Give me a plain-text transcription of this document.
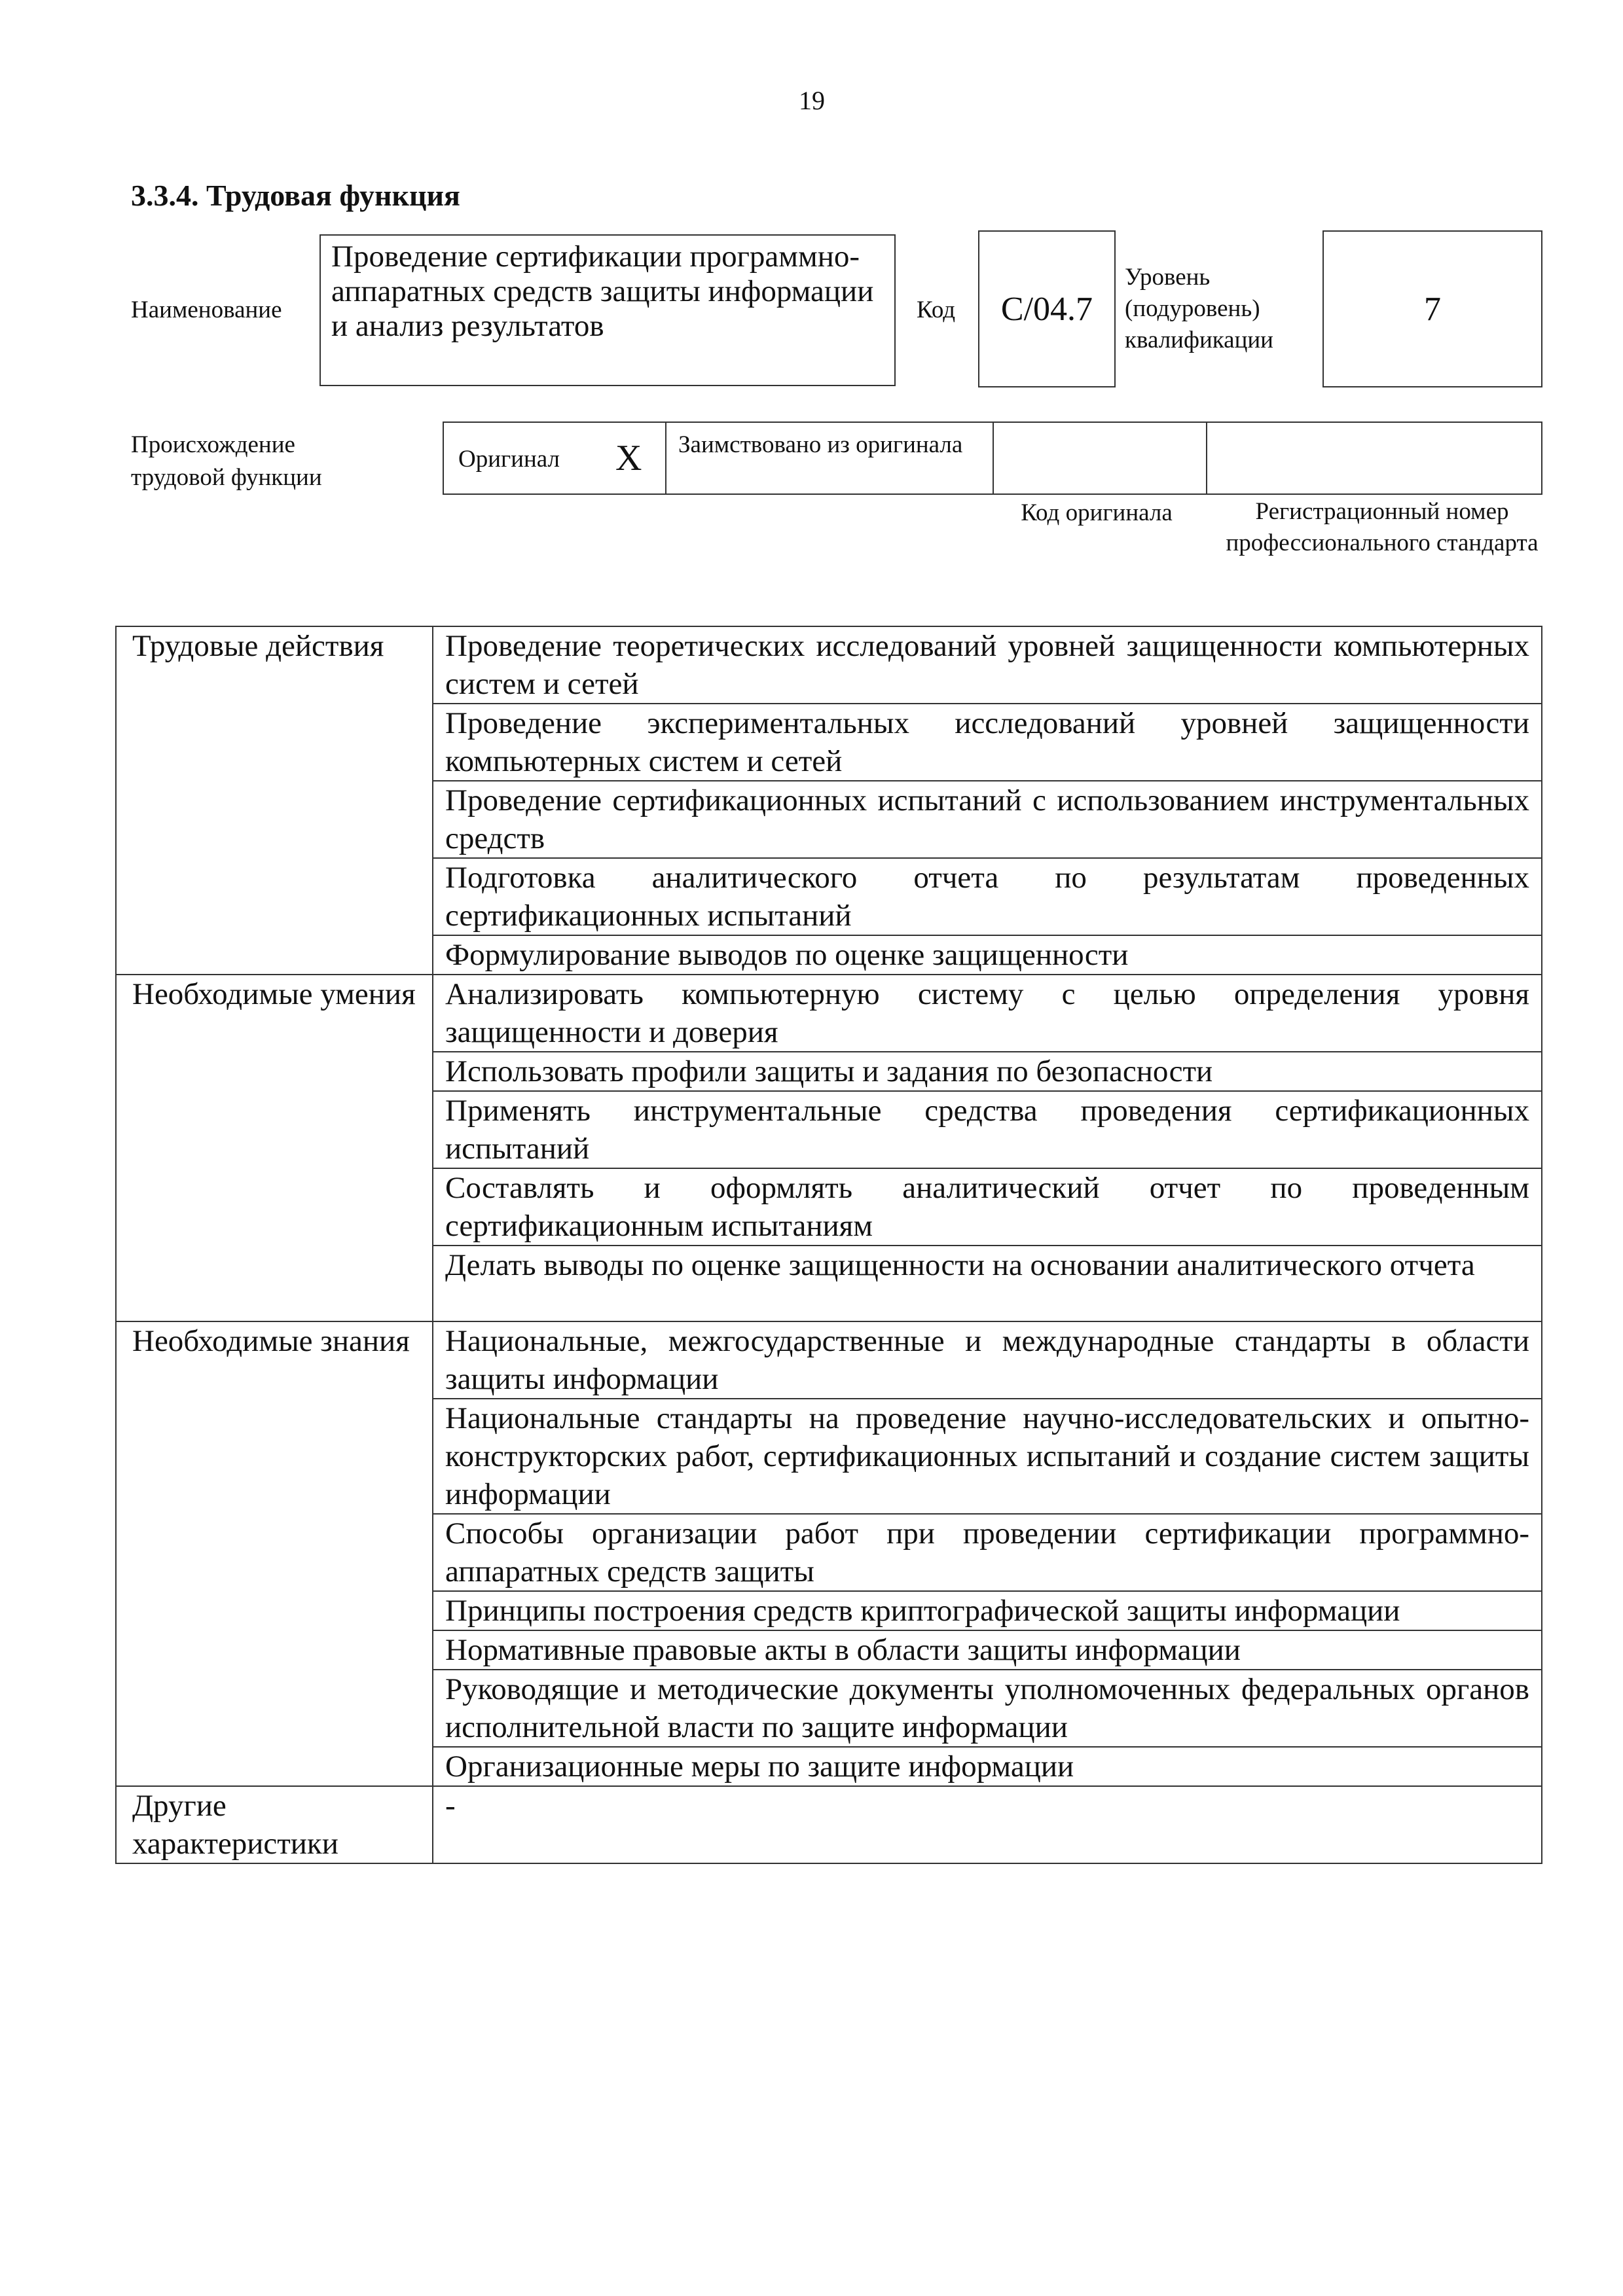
19
3.3.4. Трудовая функция
Наименование
Проведение сертификации программно-аппаратных средств защиты информации и анализ результатов	Код	C/04.7
Уровень (подуровень) квалификации
7
Происхождение трудовой функции
Оригинал X	Заимствовано из оригинала
Код оригинала	Регистрационный номер профессионального стандарта
Трудовые действия	Проведение теоретических исследований уровней защищенности компьютерных систем и сетей
	Проведение экспериментальных исследований уровней защищенности компьютерных систем и сетей
	Проведение сертификационных испытаний с использованием инструментальных средств
	Подготовка аналитического отчета по результатам проведенных сертификационных испытаний
	Формулирование выводов по оценке защищенности
Необходимые умения	Анализировать компьютерную систему с целью определения уровня защищенности и доверия
	Использовать профили защиты и задания по безопасности
	Применять инструментальные средства проведения сертификационных испытаний
	Составлять и оформлять аналитический отчет по проведенным сертификационным испытаниям
	Делать выводы по оценке защищенности на основании аналитического отчета
Необходимые знания	Национальные, межгосударственные и международные стандарты в области защиты информации
	Национальные стандарты на проведение научно-исследовательских и опытно-конструкторских работ, сертификационных испытаний и создание систем защиты информации
	Способы организации работ при проведении сертификации программно-аппаратных средств защиты
	Принципы построения средств криптографической защиты информации
	Нормативные правовые акты в области защиты информации
	Руководящие и методические документы уполномоченных федеральных органов исполнительной власти по защите информации
	Организационные меры по защите информации
Другие характеристики	-
